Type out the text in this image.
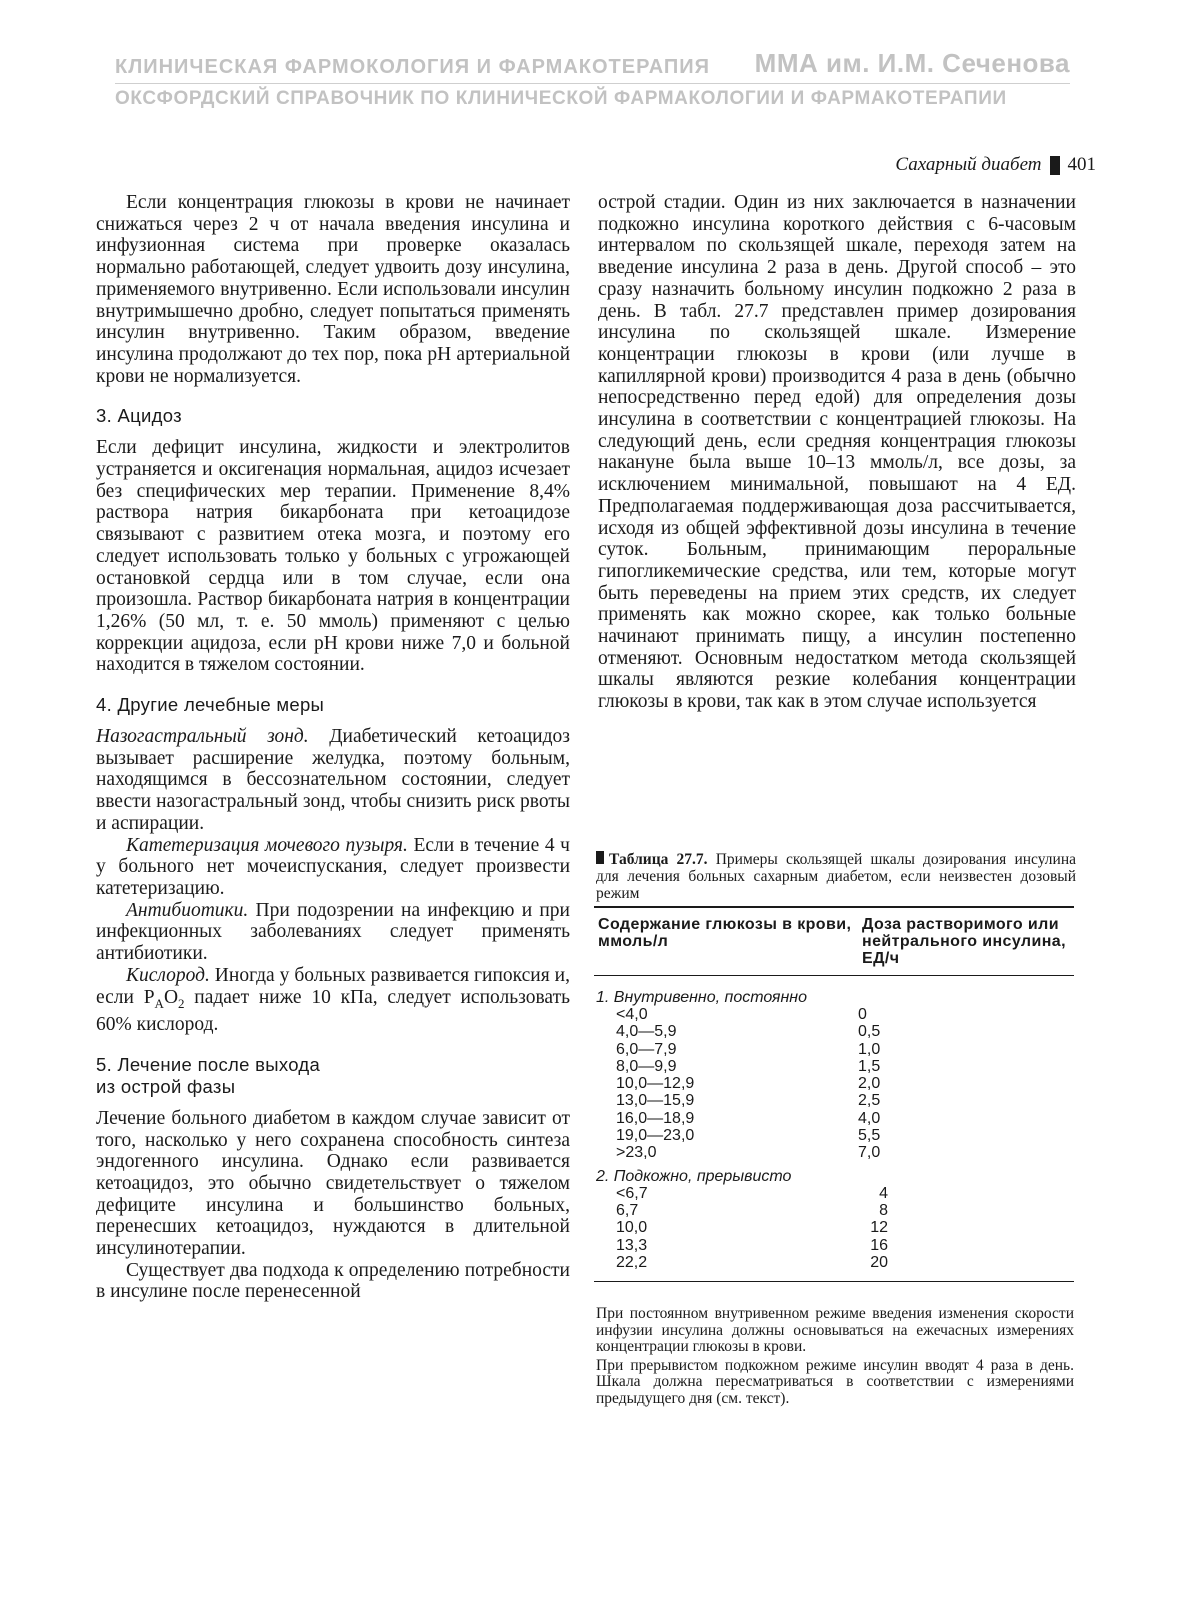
КЛИНИЧЕСКАЯ ФАРМОКОЛОГИЯ И ФАРМАКОТЕРАПИЯ ММА им. И.М. Сеченова
ОКСФОРДСКИЙ СПРАВОЧНИК ПО КЛИНИЧЕСКОЙ ФАРМАКОЛОГИИ И ФАРМАКОТЕРАПИИ
Сахарный диабет 401

Если концентрация глюкозы в крови не начинает снижаться через 2 ч от начала введения инсулина и инфузионная система при проверке оказалась нормально работающей, следует удвоить дозу инсулина, применяемого внутривенно. Если использовали инсулин внутримышечно дробно, следует попытаться применять инсулин внутривенно. Таким образом, введение инсулина продолжают до тех пор, пока pH артериальной крови не нормализуется.

3. Ацидоз

Если дефицит инсулина, жидкости и электролитов устраняется и оксигенация нормальная, ацидоз исчезает без специфических мер терапии. Применение 8,4% раствора натрия бикарбоната при кетоацидозе связывают с развитием отека мозга, и поэтому его следует использовать только у больных с угрожающей остановкой сердца или в том случае, если она произошла. Раствор бикарбоната натрия в концентрации 1,26% (50 мл, т. е. 50 ммоль) применяют с целью коррекции ацидоза, если pH крови ниже 7,0 и больной находится в тяжелом состоянии.

4. Другие лечебные меры

Назогастральный зонд. Диабетический кетоацидоз вызывает расширение желудка, поэтому больным, находящимся в бессознательном состоянии, следует ввести назогастральный зонд, чтобы снизить риск рвоты и аспирации.

Катетеризация мочевого пузыря. Если в течение 4 ч у больного нет мочеиспускания, следует произвести катетеризацию.

Антибиотики. При подозрении на инфекцию и при инфекционных заболеваниях следует применять антибиотики.

Кислород. Иногда у больных развивается гипоксия и, если $P_AO_2$ падает ниже 10 кПа, следует использовать 60% кислород.

5. Лечение после выхода
из острой фазы

Лечение больного диабетом в каждом случае зависит от того, насколько у него сохранена способность синтеза эндогенного инсулина. Однако если развивается кетоацидоз, это обычно свидетельствует о тяжелом дефиците инсулина и большинство больных, перенесших кетоацидоз, нуждаются в длительной инсулинотерапии.

Существует два подхода к определению потребности в инсулине после перенесенной

острой стадии. Один из них заключается в назначении подкожно инсулина короткого действия с 6-часовым интервалом по скользящей шкале, переходя затем на введение инсулина 2 раза в день. Другой способ – это сразу назначить больному инсулин подкожно 2 раза в день. В табл. 27.7 представлен пример дозирования инсулина по скользящей шкале. Измерение концентрации глюкозы в крови (или лучше в капиллярной крови) производится 4 раза в день (обычно непосредственно перед едой) для определения дозы инсулина в соответствии с концентрацией глюкозы. На следующий день, если средняя концентрация глюкозы накануне была выше 10–13 ммоль/л, все дозы, за исключением минимальной, повышают на 4 ЕД. Предполагаемая поддерживающая доза рассчитывается, исходя из общей эффективной дозы инсулина в течение суток. Больным, принимающим пероральные гипогликемические средства, или тем, которые могут быть переведены на прием этих средств, их следует применять как можно скорее, как только больные начинают принимать пищу, а инсулин постепенно отменяют. Основным недостатком метода скользящей шкалы являются резкие колебания концентрации глюкозы в крови, так как в этом случае используется

Таблица 27.7. Примеры скользящей шкалы дозирования инсулина для лечения больных сахарным диабетом, если неизвестен дозовый режим
Содержание глюкозы в крови, ммоль/л
Доза растворимого или нейтрального инсулина, ЕД/ч
1. Внутривенно, постоянно
<4,0	0
4,0—5,9	0,5
6,0—7,9	1,0
8,0—9,9	1,5
10,0—12,9	2,0
13,0—15,9	2,5
16,0—18,9	4,0
19,0—23,0	5,5
>23,0	7,0
2. Подкожно, прерывисто
<6,7	4
6,7	8
10,0	12
13,3	16
22,2	20

При постоянном внутривенном режиме введения изменения скорости инфузии инсулина должны основываться на ежечасных измерениях концентрации глюкозы в крови.

При прерывистом подкожном режиме инсулин вводят 4 раза в день. Шкала должна пересматриваться в соответствии с измерениями предыдущего дня (см. текст).
